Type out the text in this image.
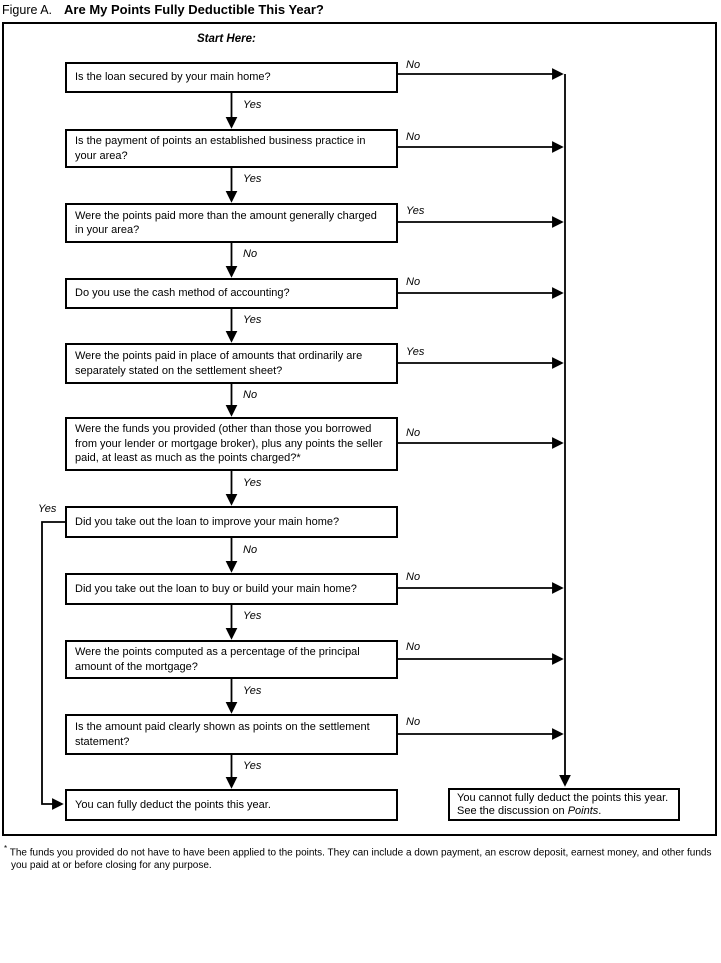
Figure A. Are My Points Fully Deductible This Year?
Start Here:
Is the loan secured by your main home?
Is the payment of points an established business practice in your area?
Were the points paid more than the amount generally charged in your area?
Do you use the cash method of accounting?
Were the points paid in place of amounts that ordinarily are separately stated on the settlement sheet?
Were the funds you provided (other than those you borrowed from your lender or mortgage broker), plus any points the seller paid, at least as much as the points charged?*
Did you take out the loan to improve your main home?
Did you take out the loan to buy or build your main home?
Were the points computed as a percentage of the principal amount of the mortgage?
Is the amount paid clearly shown as points on the settlement statement?
You can fully deduct the points this year.
You cannot fully deduct the points this year. See the discussion on Points.
No
No
Yes
No
Yes
No
No
No
No
Yes
Yes
No
Yes
No
Yes
No
Yes
Yes
Yes
Yes
* The funds you provided do not have to have been applied to the points. They can include a down payment, an escrow deposit, earnest money, and other funds you paid at or before closing for any purpose.
